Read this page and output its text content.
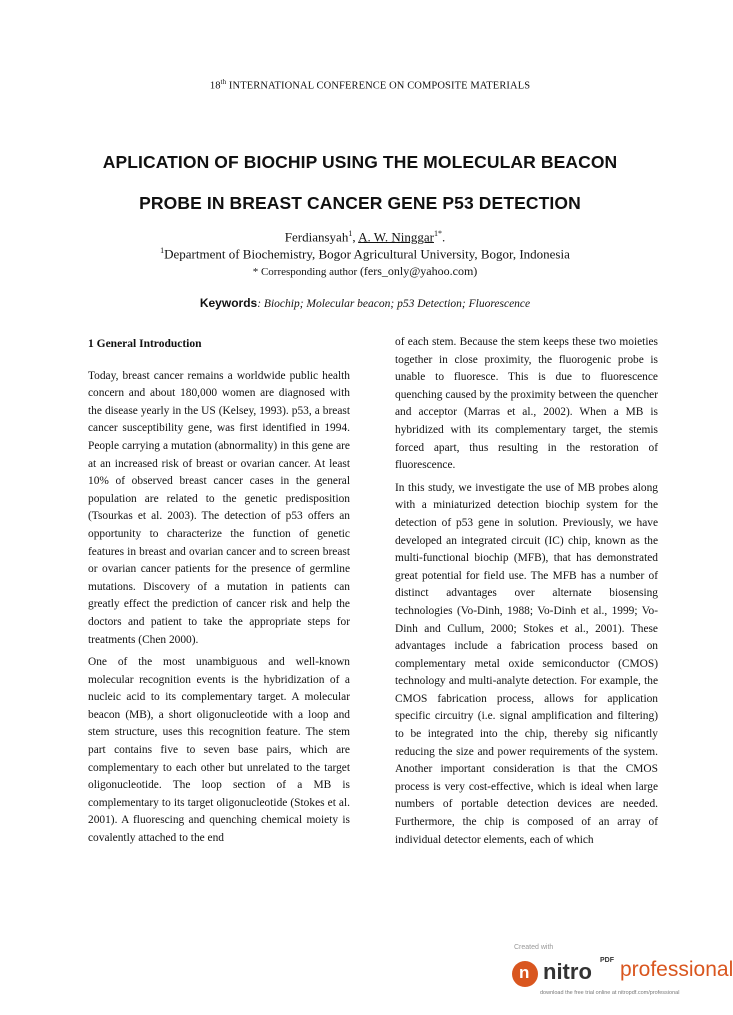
18th INTERNATIONAL CONFERENCE ON COMPOSITE MATERIALS
APLICATION OF BIOCHIP USING THE MOLECULAR BEACON
PROBE IN BREAST CANCER GENE P53 DETECTION
Ferdiansyah$^1$, A. W. Ninggar$^{1*}$.
$^1$Department of Biochemistry, Bogor Agricultural University, Bogor, Indonesia
* Corresponding author (fers_only@yahoo.com)
Keywords: Biochip; Molecular beacon; p53 Detection; Fluorescence

1 General Introduction

Today, breast cancer remains a worldwide public health concern and about 180,000 women are diagnosed with the disease yearly in the US (Kelsey, 1993). p53, a breast cancer susceptibility gene, was first identified in 1994. People carrying a mutation (abnormality) in this gene are at an increased risk of breast or ovarian cancer. At least 10% of observed breast cancer cases in the general population are related to the genetic predisposition (Tsourkas et al. 2003). The detection of p53 offers an opportunity to characterize the function of genetic features in breast and ovarian cancer and to screen breast or ovarian cancer patients for the presence of germline mutations. Discovery of a mutation in patients can greatly effect the prediction of cancer risk and help the doctors and patient to take the appropriate steps for treatments (Chen 2000).

One of the most unambiguous and well-known molecular recognition events is the hybridization of a nucleic acid to its complementary target. A molecular beacon (MB), a short oligonucleotide with a loop and stem structure, uses this recognition feature. The stem part contains five to seven base pairs, which are complementary to each other but unrelated to the target oligonucleotide. The loop section of a MB is complementary to its target oligonucleotide (Stokes et al. 2001). A fluorescing and quenching chemical moiety is covalently attached to the end

of each stem. Because the stem keeps these two moieties together in close proximity, the fluorogenic probe is unable to fluoresce. This is due to fluorescence quenching caused by the proximity between the quencher and acceptor (Marras et al., 2002). When a MB is hybridized with its complementary target, the stemis forced apart, thus resulting in the restoration of fluorescence.

In this study, we investigate the use of MB probes along with a miniaturized detection biochip system for the detection of p53 gene in solution. Previously, we have developed an integrated circuit (IC) chip, known as the multi-functional biochip (MFB), that has demonstrated great potential for field use. The MFB has a number of distinct advantages over alternate biosensing technologies (Vo-Dinh, 1988; Vo-Dinh et al., 1999; Vo-Dinh and Cullum, 2000; Stokes et al., 2001). These advantages include a fabrication process based on complementary metal oxide semiconductor (CMOS) technology and multi-analyte detection. For example, the CMOS fabrication process, allows for application specific circuitry (i.e. signal amplification and filtering) to be integrated into the chip, thereby sig nificantly reducing the size and power requirements of the system. Another important consideration is that the CMOS process is very cost-effective, which is ideal when large numbers of portable detection devices are needed. Furthermore, the chip is composed of an array of individual detector elements, each of which

Created with
n nitro PDF professional
download the free trial online at nitropdf.com/professional
